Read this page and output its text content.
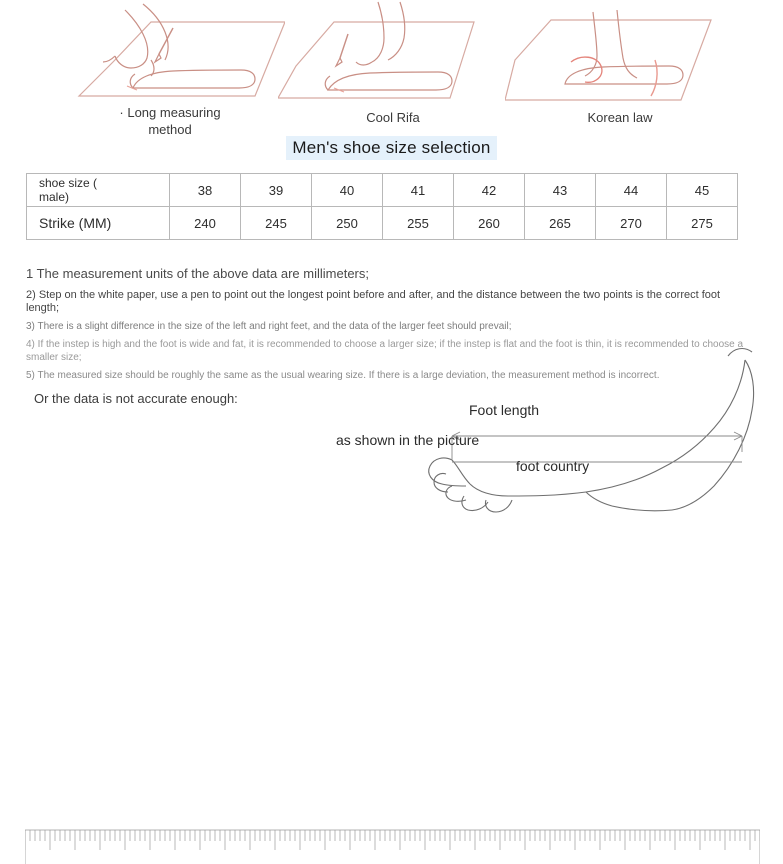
· Long measuring
method
Cool Rifa	Korean law
Men's shoe size selection
shoe size (
male)	38	39	40	41	42	43	44	45
Strike (MM)	240	245	250	255	260	265	270	275
1 The measurement units of the above data are millimeters;
2) Step on the white paper, use a pen to point out the longest point before and after, and the distance between the two points is the correct foot length;
3) There is a slight difference in the size of the left and right feet, and the data of the larger feet should prevail;
4) If the instep is high and the foot is wide and fat, it is recommended to choose a larger size; if the instep is flat and the foot is thin, it is recommended to choose a smaller size;
5) The measured size should be roughly the same as the usual wearing size. If there is a large deviation, the measurement method is incorrect.
Or the data is not accurate enough:
Foot length
as shown in the picture
foot country
